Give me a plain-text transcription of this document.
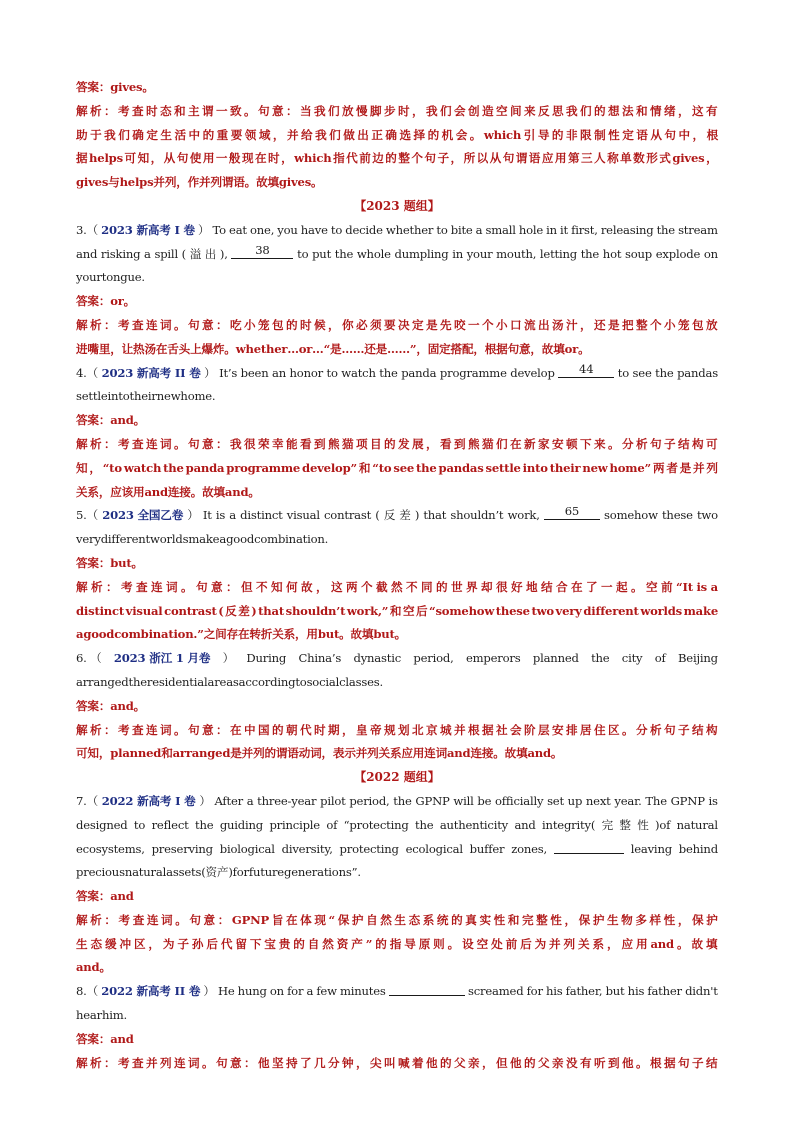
答 案 ： gives 。
解 析 ： 考 查 时 态 和 主 谓 一 致 。 句 意 ： 当 我 们 放 慢 脚 步 时 ， 我 们 会 创 造 空 间 来 反 思 我 们 的 想 法 和 情 绪 ， 这 有
助 于 我 们 确 定 生 活 中 的 重 要 领 域 ， 并 给 我 们 做 出 正 确 选 择 的 机 会 。 which 引 导 的 非 限 制 性 定 语 从 句 中 ， 根
据 helps 可 知 ， 从 句 使 用 一 般 现 在 时 ， which 指 代 前 边 的 整 个 句 子 ， 所 以 从 句 谓 语 应 用 第 三 人 称 单 数 形 式 gives ，
gives 与 helps 并 列 ， 作 并 列 谓 语 。 故 填 gives 。
【2023 题组】
3.（ 2023 新高考 I 卷 ） To eat one, you have to decide whether to bite a small hole in it first, releasing the stream
and risking a spill ( 溢 出 ),	38	to put the whole dumpling in your mouth, letting the hot soup explode on
your tongue.
答 案 ： or 。
解 析 ： 考 查 连 词 。 句 意 ： 吃 小 笼 包 的 时 候 ， 你 必 须 要 决 定 是 先 咬 一 个 小 口 流 出 汤 汁 ， 还 是 把 整 个 小 笼 包 放
进 嘴 里 ， 让 热 汤 在 舌 头 上 爆 炸 。 whether…or…“ 是 …… 还 是 ……” ， 固 定 搭 配 ， 根 据 句 意 ， 故 填 or 。
4.（ 2023 新高考 II 卷 ） It’s been an honor to watch the panda programme develop	44	to see the pandas
settle into their new home.
答 案 ： and 。
解 析 ： 考 查 连 词 。 句 意 ： 我 很 荣 幸 能 看 到 熊 猫 项 目 的 发 展 ， 看 到 熊 猫 们 在 新 家 安 顿 下 来 。 分 析 句 子 结 构 可
知 ， “to watch the panda programme develop” 和 “to see the pandas settle into their new home” 两 者 是 并 列
关 系 ， 应 该 用 and 连 接 。 故 填 and 。
5.（ 2023 全国乙卷 ） It is a distinct visual contrast ( 反 差 ) that shouldn’t work,	65	somehow these two
very different worlds make a good combination.
答 案 ： but 。
解 析 ： 考 查 连 词 。 句 意 ： 但 不 知 何 故 ， 这 两 个 截 然 不 同 的 世 界 却 很 好 地 结 合 在 了 一 起 。 空 前 “It is a
distinct visual contrast ( 反 差 ) that shouldn’t work,” 和 空 后 “somehow these two very different worlds make
a good combination.” 之 间 存 在 转 折 关 系 ， 用 but 。 故 填 but 。
6. （ 2023 浙江 1 月卷 ） During China’s dynastic period, emperors planned the city of Beijing
arranged the residential areas according to social classes.
答 案 ： and 。
解 析 ： 考 查 连 词 。 句 意 ： 在 中 国 的 朝 代 时 期 ， 皇 帝 规 划 北 京 城 并 根 据 社 会 阶 层 安 排 居 住 区 。 分 析 句 子 结 构
可 知 ， planned 和 arranged 是 并 列 的 谓 语 动 词 ， 表 示 并 列 关 系 应 用 连 词 and 连 接 。 故 填 and 。
【2022 题组】
7.（ 2022 新高考 I 卷 ） After a three-year pilot period, the GPNP will be officially set up next year. The GPNP is
designed to reflect the guiding principle of “protecting the authenticity and integrity( 完 整 性 )of natural
ecosystems, preserving biological diversity, protecting ecological buffer zones,	leaving behind
precious natural assets( 资 产 )for future generations”.
答 案 ： and
解 析 ： 考 查 连 词 。 句 意 ： GPNP 旨 在 体 现 “ 保 护 自 然 生 态 系 统 的 真 实 性 和 完 整 性 ， 保 护 生 物 多 样 性 ， 保 护
生 态 缓 冲 区 ， 为 子 孙 后 代 留 下 宝 贵 的 自 然 资 产 ” 的 指 导 原 则 。 设 空 处 前 后 为 并 列 关 系 ， 应 用 and 。 故 填
and 。
8.（ 2022 新高考 II 卷 ） He hung on for a few minutes	screamed for his father, but his father didn't
hear him.
答 案 ： and
解 析 ： 考 查 并 列 连 词 。 句 意 ： 他 坚 持 了 几 分 钟 ， 尖 叫 喊 着 他 的 父 亲 ， 但 他 的 父 亲 没 有 听 到 他 。 根 据 句 子 结
